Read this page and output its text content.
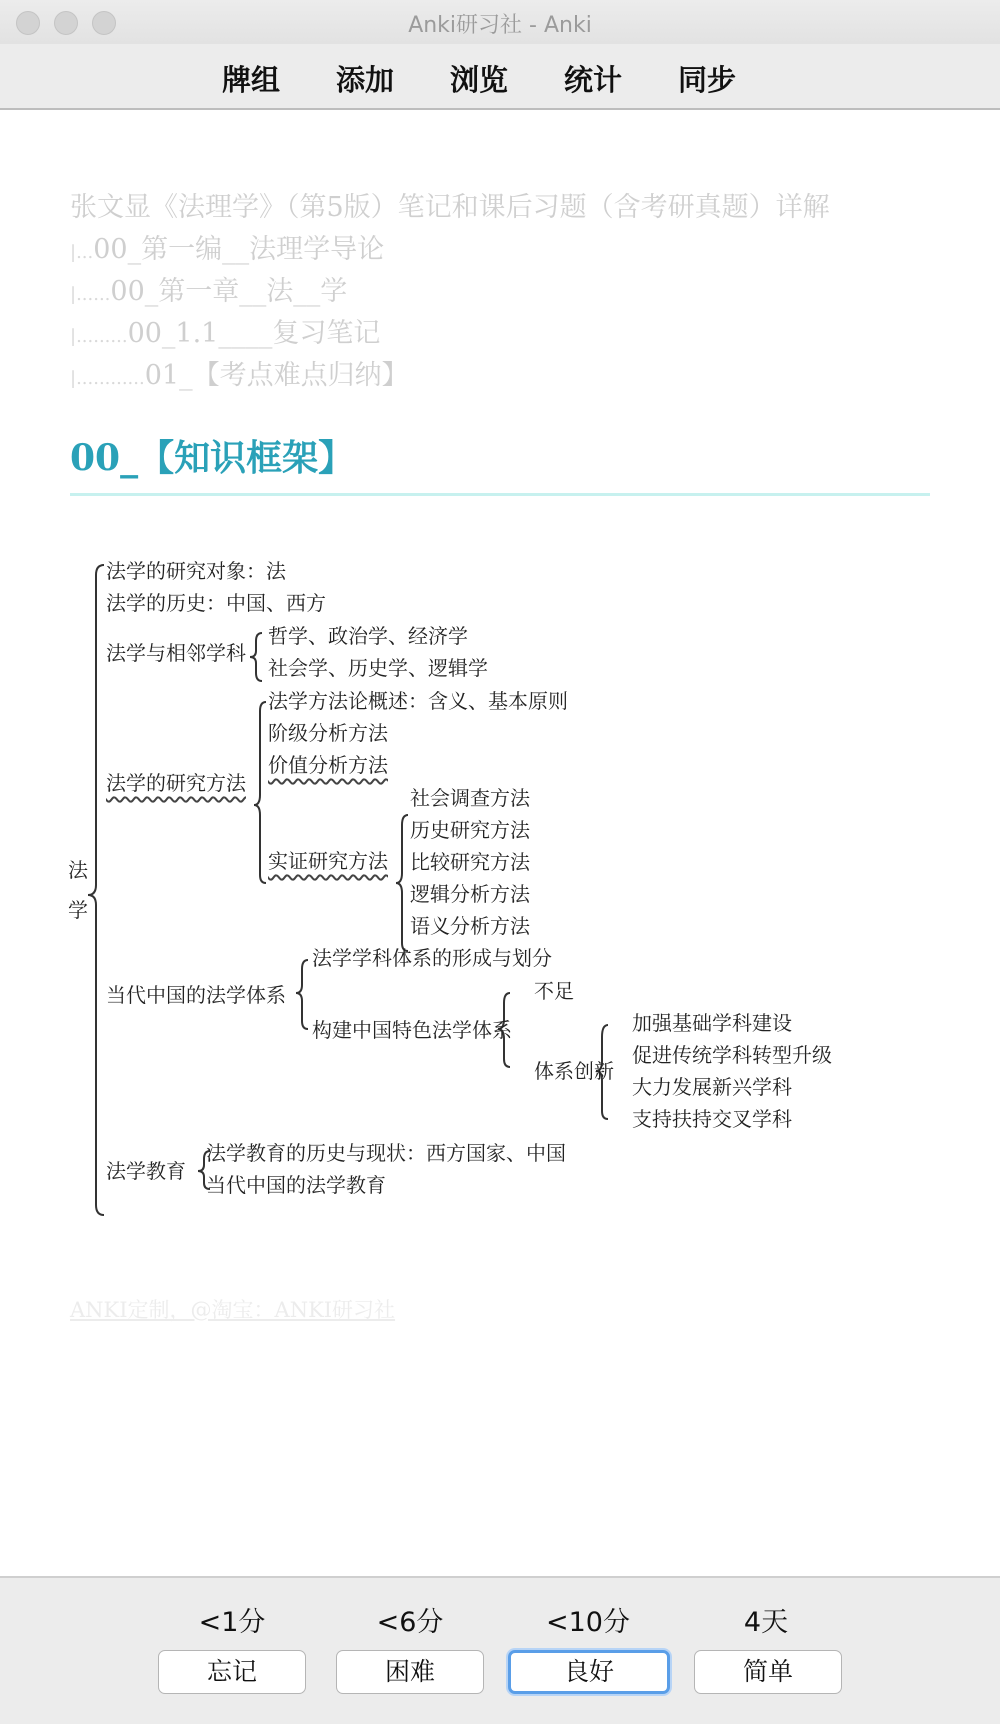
Anki研习社 - Anki
牌组 添加 浏览 统计 同步
张文显《法理学》（第5版）笔记和课后习题（含考研真题）详解
|...00_第一编__法理学导论
|......00_第一章__法__学
|.........00_1.1____复习笔记
|............01_【考点难点归纳】
00_【知识框架】
法学
法学的研究对象：法
法学的历史：中国、西方
法学与相邻学科
哲学、政治学、经济学
社会学、历史学、逻辑学
法学的研究方法
法学方法论概述：含义、基本原则
阶级分析方法
价值分析方法
实证研究方法
社会调查方法
历史研究方法
比较研究方法
逻辑分析方法
语义分析方法
当代中国的法学体系
法学学科体系的形成与划分
构建中国特色法学体系
不足
体系创新
加强基础学科建设
促进传统学科转型升级
大力发展新兴学科
支持扶持交叉学科
法学教育
法学教育的历史与现状：西方国家、中国
当代中国的法学教育
ANKI定制，@淘宝：ANKI研习社
<1分	<6分	<10分	4天
忘记	困难	良好	简单
